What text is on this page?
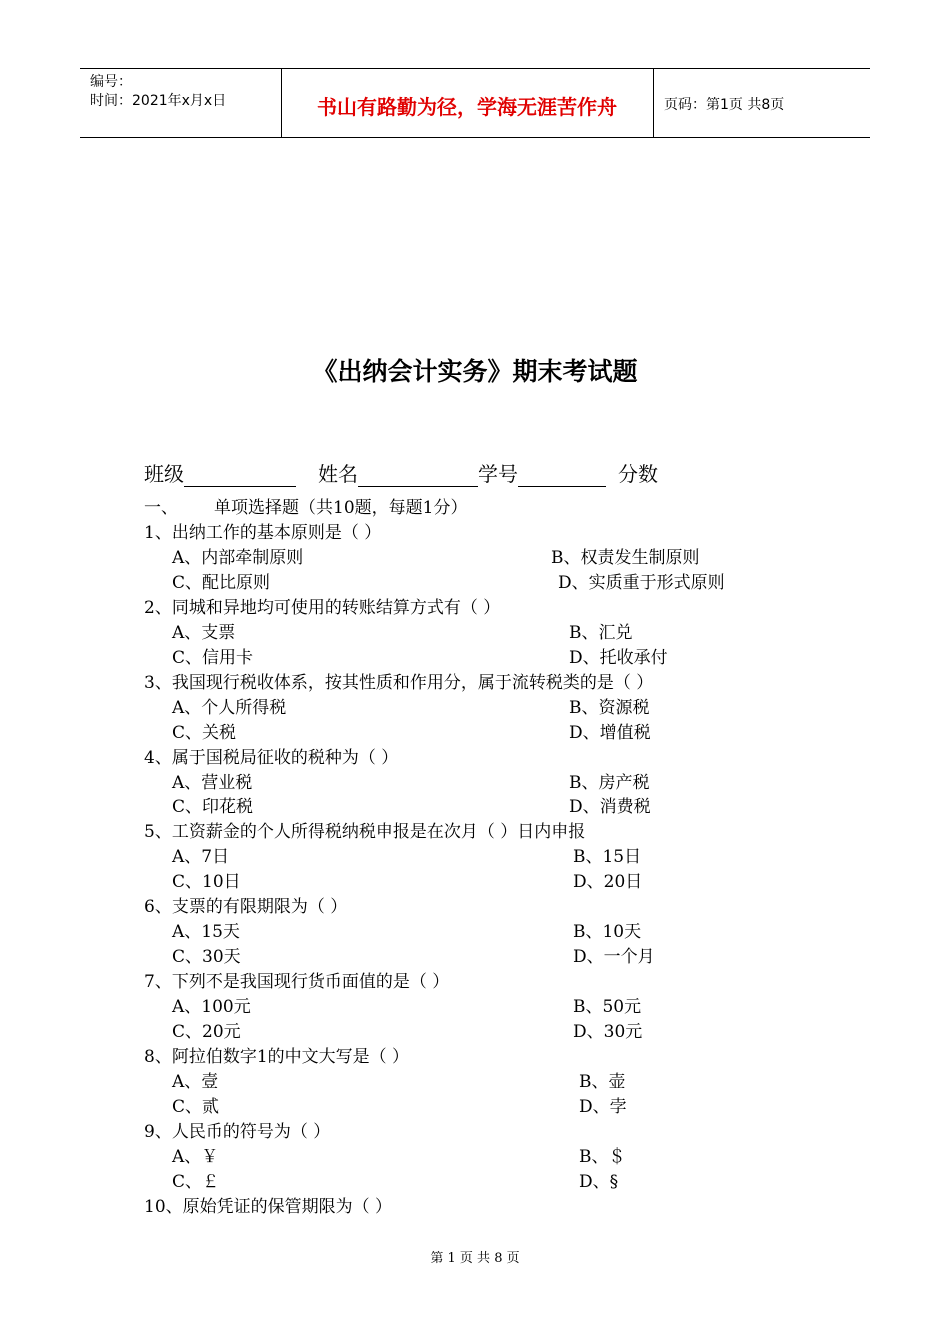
编号：
时间：2021年x月x日	书山有路勤为径，学海无涯苦作舟	页码：第1页 共8页
《出纳会计实务》期末考试题
班级	姓名	学号	分数
一、 单项选择题（共10题，每题1分）
1、出纳工作的基本原则是（ ）
A、内部牵制原则	B、权责发生制原则
C、配比原则	D、实质重于形式原则
2、同城和异地均可使用的转账结算方式有（ ）
A、支票	B、汇兑
C、信用卡	D、托收承付
3、我国现行税收体系，按其性质和作用分，属于流转税类的是（ ）
A、个人所得税	B、资源税
C、关税	D、增值税
4、属于国税局征收的税种为（ ）
A、营业税	B、房产税
C、印花税	D、消费税
5、工资薪金的个人所得税纳税申报是在次月（ ）日内申报
A、7日	B、15日
C、10日	D、20日
6、支票的有限期限为（ ）
A、15天	B、10天
C、30天	D、一个月
7、下列不是我国现行货币面值的是（ ）
A、100元	B、50元
C、20元	D、30元
8、阿拉伯数字1的中文大写是（ ）
A、壹	B、壶
C、贰	D、孛
9、人民币的符号为（ ）
A、￥	B、＄
C、￡	D、§
10、原始凭证的保管期限为（ ）
第 1 页 共 8 页
